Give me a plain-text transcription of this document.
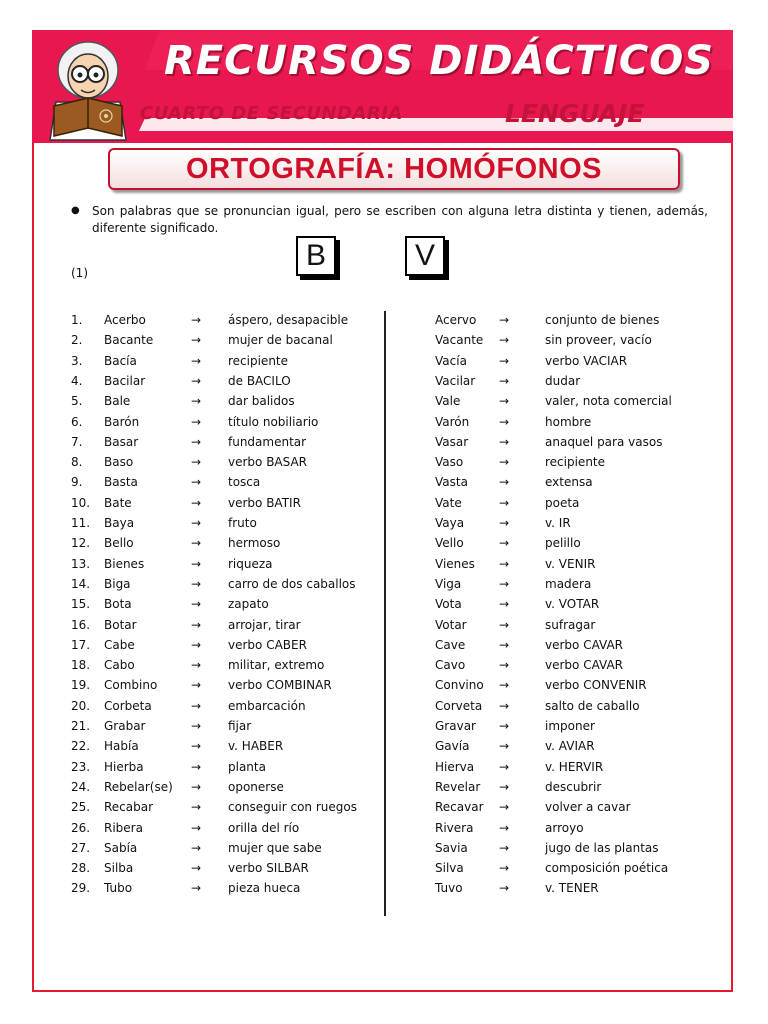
RECURSOS DIDÁCTICOS
CUARTO DE SECUNDARIA	LENGUAJE
ORTOGRAFÍA: HOMÓFONOS
● Son palabras que se pronuncian igual, pero se escriben con alguna letra distinta y tienen, además, diferente significado.
B	V
(1)
1. Acerbo	→ áspero, desapacible	Acervo →	conjunto de bienes
2. Bacante	→ mujer de bacanal	Vacante →	sin proveer, vacío
3. Bacía	→ recipiente	Vacía	→	verbo VACIAR
4. Bacilar	→ de BACILO	Vacilar →	dudar
5. Bale	→ dar balidos	Vale	→	valer, nota comercial
6. Barón	→ título nobiliario	Varón →	hombre
7. Basar	→ fundamentar	Vasar	→	anaquel para vasos
8. Baso	→ verbo BASAR	Vaso	→	recipiente
9. Basta	→ tosca	Vasta	→	extensa
10. Bate	→ verbo BATIR	Vate	→	poeta
11. Baya	→ fruto	Vaya	→	v. IR
12. Bello	→ hermoso	Vello	→	pelillo
13. Bienes	→ riqueza	Vienes →	v. VENIR
14. Biga	→ carro de dos caballos	Viga	→	madera
15. Bota	→ zapato	Vota	→	v. VOTAR
16. Botar	→ arrojar, tirar	Votar	→	sufragar
17. Cabe	→ verbo CABER	Cave	→	verbo CAVAR
18. Cabo	→ militar, extremo	Cavo	→	verbo CAVAR
19. Combino	→ verbo COMBINAR	Convino →	verbo CONVENIR
20. Corbeta	→ embarcación	Corveta →	salto de caballo
21. Grabar	→ fijar	Gravar →	imponer
22. Había	→ v. HABER	Gavía →	v. AVIAR
23. Hierba	→ planta	Hierva →	v. HERVIR
24. Rebelar(se) → oponerse	Revelar →	descubrir
25. Recabar	→ conseguir con ruegos	Recavar →	volver a cavar
26. Ribera	→ orilla del río	Rivera →	arroyo
27. Sabía	→ mujer que sabe	Savia	→	jugo de las plantas
28. Silba	→ verbo SILBAR	Silva	→	composición poética
29. Tubo	→ pieza hueca	Tuvo	→	v. TENER
